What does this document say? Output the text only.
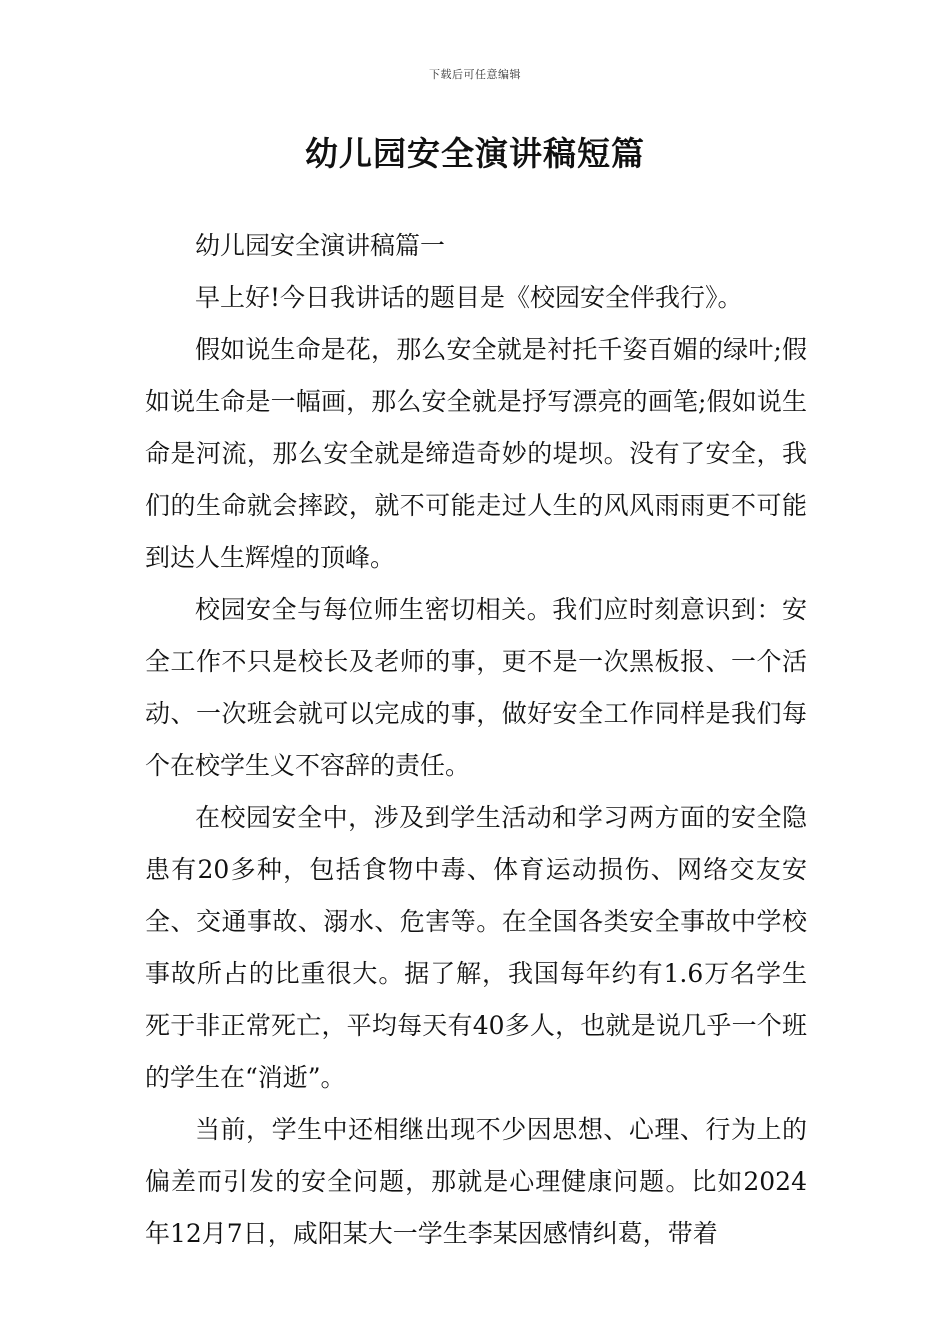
下载后可任意编辑
幼儿园安全演讲稿短篇

幼儿园安全演讲稿篇一

早上好!今日我讲话的题目是《校园安全伴我行》。

假如说生命是花，那么安全就是衬托千姿百媚的绿叶;假如说生命是一幅画，那么安全就是抒写漂亮的画笔;假如说生命是河流，那么安全就是缔造奇妙的堤坝。没有了安全，我们的生命就会摔跤，就不可能走过人生的风风雨雨更不可能到达人生辉煌的顶峰。

校园安全与每位师生密切相关。我们应时刻意识到：安全工作不只是校长及老师的事，更不是一次黑板报、一个活动、一次班会就可以完成的事，做好安全工作同样是我们每个在校学生义不容辞的责任。

在校园安全中，涉及到学生活动和学习两方面的安全隐患有20多种，包括食物中毒、体育运动损伤、网络交友安全、交通事故、溺水、危害等。在全国各类安全事故中学校事故所占的比重很大。据了解，我国每年约有1.6万名学生死于非正常死亡，平均每天有40多人，也就是说几乎一个班的学生在“消逝”。

当前，学生中还相继出现不少因思想、心理、行为上的偏差而引发的安全问题，那就是心理健康问题。比如2024年12月7日，咸阳某大一学生李某因感情纠葛，带着
